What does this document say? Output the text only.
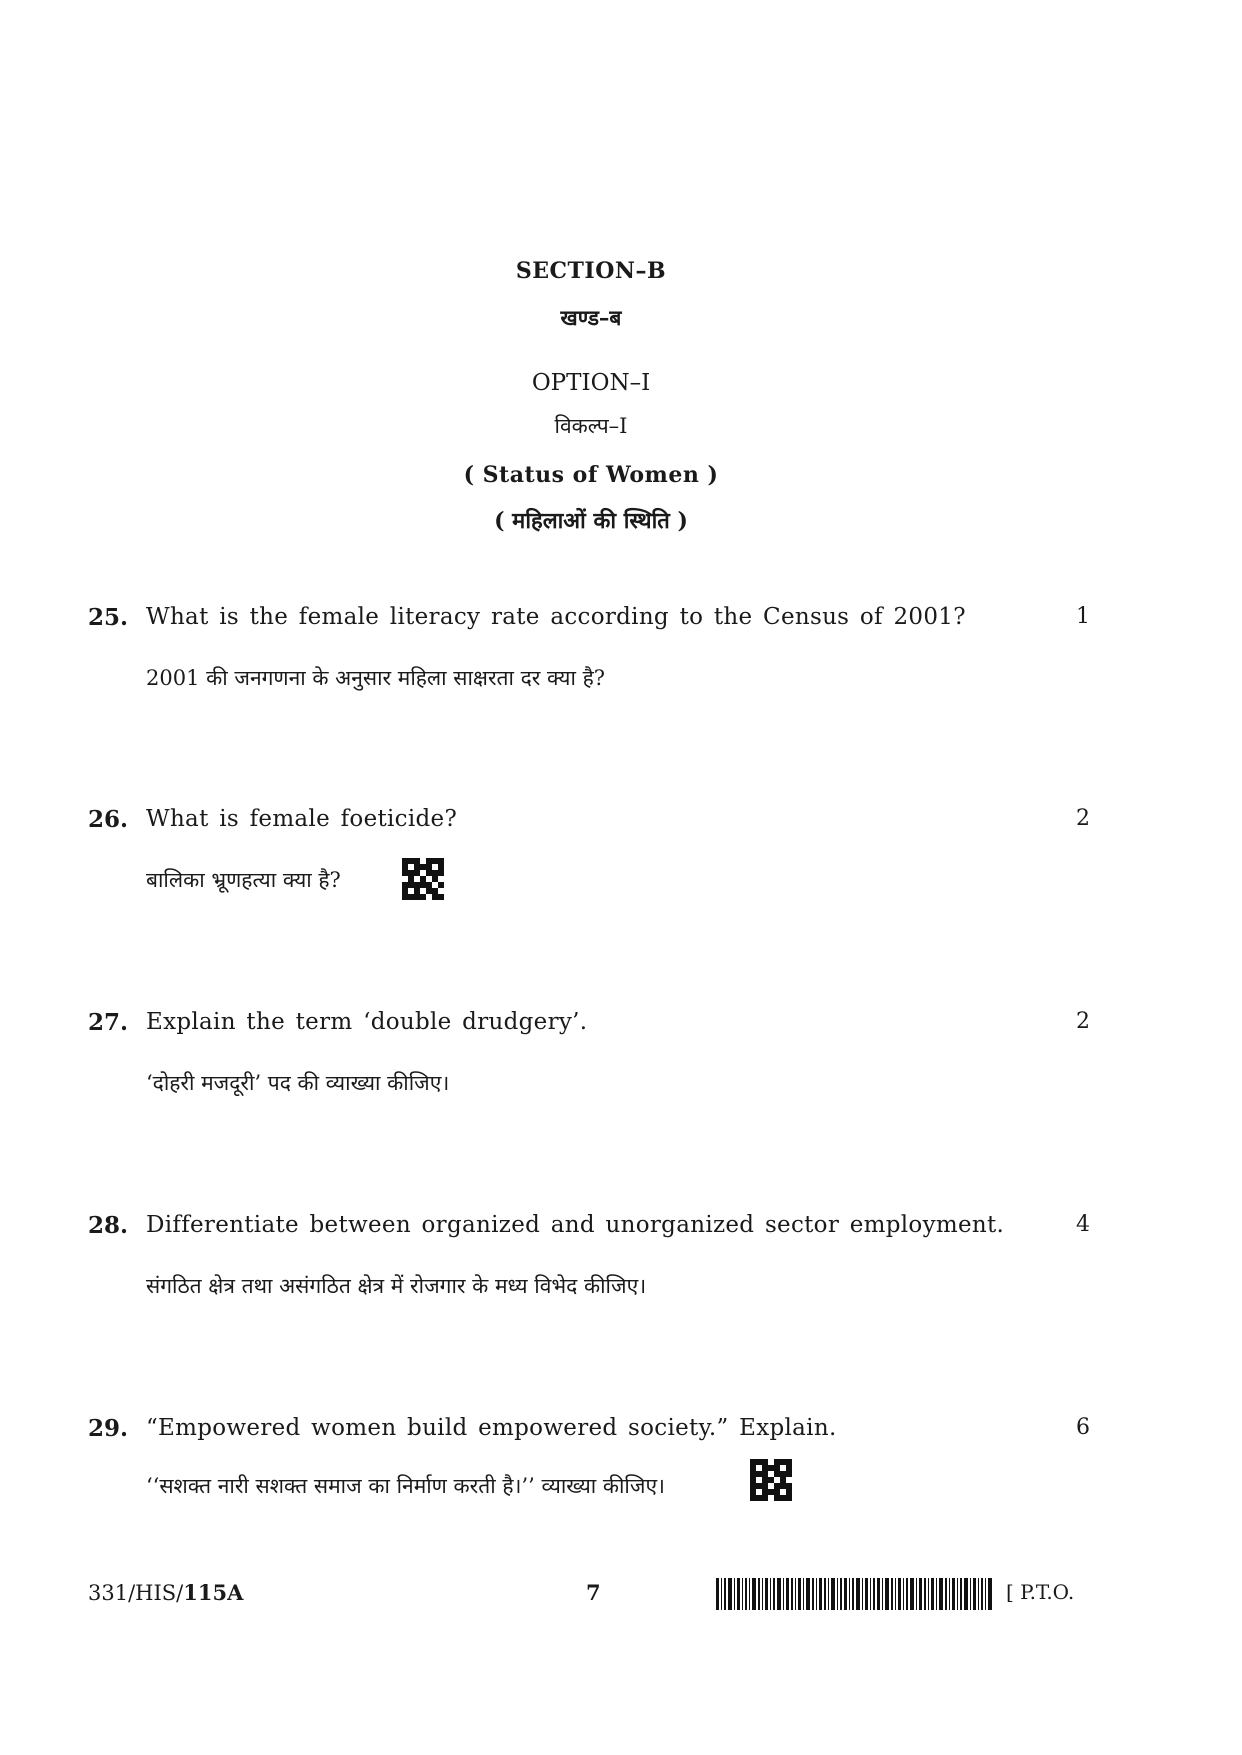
SECTION–B
खण्ड–ब
OPTION–I
विकल्प–I
( Status of Women )
( महिलाओं की स्थिति )
25. What is the female literacy rate according to the Census of 2001?	1
2001 की जनगणना के अनुसार महिला साक्षरता दर क्या है?
26. What is female foeticide?	2
बालिका भ्रूणहत्या क्या है?
27. Explain the term ‘double drudgery’.	2
‘दोहरी मजदूरी’ पद की व्याख्या कीजिए।
28. Differentiate between organized and unorganized sector employment.	4
संगठित क्षेत्र तथा असंगठित क्षेत्र में रोजगार के मध्य विभेद कीजिए।
29. “Empowered women build empowered society.” Explain.	6
‘‘सशक्त नारी सशक्त समाज का निर्माण करती है।’’ व्याख्या कीजिए।
331/HIS/115A	7	[ P.T.O.
